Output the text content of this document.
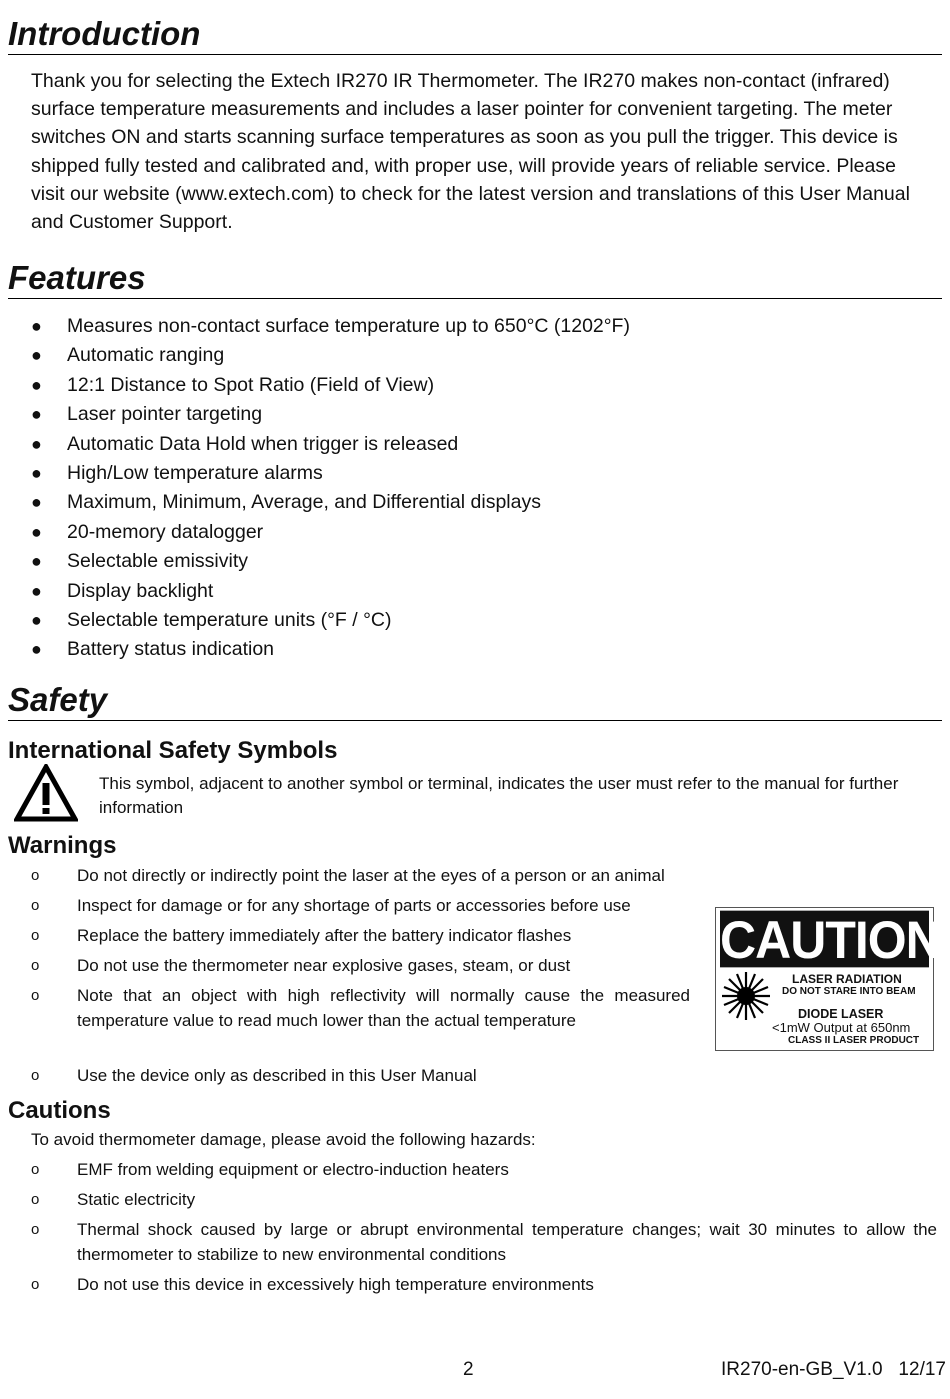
Introduction
Thank you for selecting the Extech IR270 IR Thermometer. The IR270 makes non-contact (infrared) surface temperature measurements and includes a laser pointer for convenient targeting. The meter switches ON and starts scanning surface temperatures as soon as you pull the trigger. This device is shipped fully tested and calibrated and, with proper use, will provide years of reliable service. Please visit our website (www.extech.com) to check for the latest version and translations of this User Manual and Customer Support.
Features
● Measures non-contact surface temperature up to 650°C (1202°F)
● Automatic ranging
● 12:1 Distance to Spot Ratio (Field of View)
● Laser pointer targeting
● Automatic Data Hold when trigger is released
● High/Low temperature alarms
● Maximum, Minimum, Average, and Differential displays
● 20-memory datalogger
● Selectable emissivity
● Display backlight
● Selectable temperature units (°F / °C)
● Battery status indication
Safety
International Safety Symbols
This symbol, adjacent to another symbol or terminal, indicates the user must refer to the manual for further information
Warnings
o Do not directly or indirectly point the laser at the eyes of a person or an animal
o Inspect for damage or for any shortage of parts or accessories before use
o Replace the battery immediately after the battery indicator flashes
o Do not use the thermometer near explosive gases, steam, or dust
o Note that an object with high reflectivity will normally cause the measured temperature value to read much lower than the actual temperature
o Use the device only as described in this User Manual
CAUTION
LASER RADIATION
DO NOT STARE INTO BEAM
DIODE LASER
<1mW Output at 650nm
CLASS II LASER PRODUCT
Cautions
To avoid thermometer damage, please avoid the following hazards:
o EMF from welding equipment or electro-induction heaters
o Static electricity
o Thermal shock caused by large or abrupt environmental temperature changes; wait 30 minutes to allow the thermometer to stabilize to new environmental conditions
o Do not use this device in excessively high temperature environments
2	IR270-en-GB_V1.0   12/17
